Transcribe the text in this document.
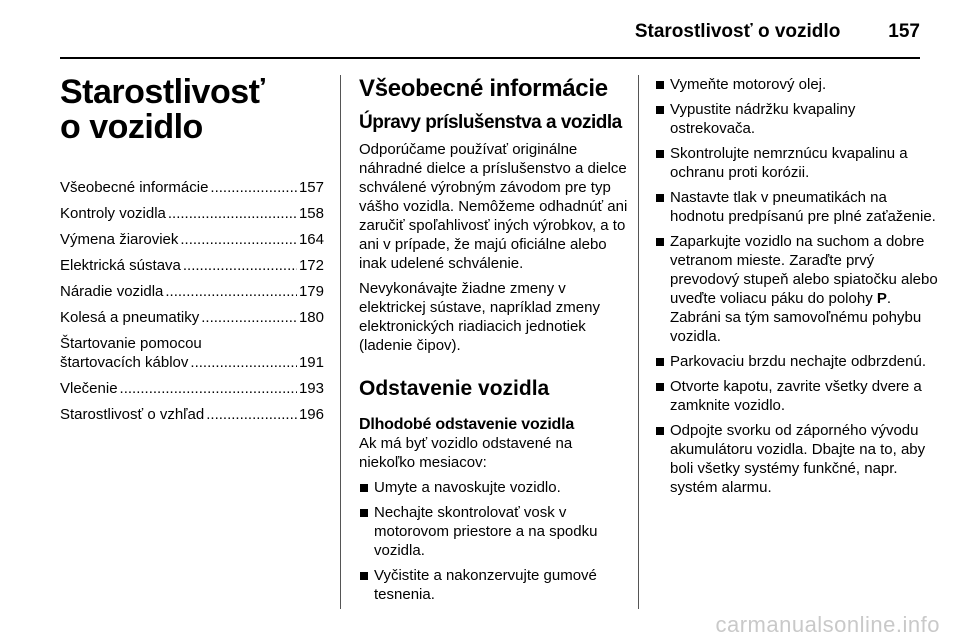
Starostlivosť o vozidlo	157
Starostlivosť
o vozidlo
Všeobecné informácie .....	157
Kontroly vozidla .....	158
Výmena žiaroviek .....	164
Elektrická sústava .....	172
Náradie vozidla .....	179
Kolesá a pneumatiky .....	180
Štartovanie pomocou
štartovacích káblov .....	191
Vlečenie .....	193
Starostlivosť o vzhľad .....	196
Všeobecné informácie
Úpravy príslušenstva a vozidla

Odporúčame používať originálne náhradné dielce a príslušenstvo a dielce schválené výrobným závodom pre typ vášho vozidla. Nemôžeme odhadnúť ani zaručiť spoľahlivosť iných výrobkov, a to ani v prípade, že majú oficiálne alebo inak udelené schválenie.

Nevykonávajte žiadne zmeny v elektrickej sústave, napríklad zmeny elektronických riadiacich jednotiek (ladenie čipov).

Odstavenie vozidla
Dlhodobé odstavenie vozidla

Ak má byť vozidlo odstavené na niekoľko mesiacov:

Umyte a navoskujte vozidlo.
Nechajte skontrolovať vosk v motorovom priestore a na spodku vozidla.
Vyčistite a nakonzervujte gumové tesnenia.
Vymeňte motorový olej.
Vypustite nádržku kvapaliny ostrekovača.
Skontrolujte nemrznúcu kvapalinu a ochranu proti korózii.
Nastavte tlak v pneumatikách na hodnotu predpísanú pre plné zaťaženie.
Zaparkujte vozidlo na suchom a dobre vetranom mieste. Zaraďte prvý prevodový stupeň alebo spiatočku alebo uveďte voliacu páku do polohy P. Zabráni sa tým samovoľnému pohybu vozidla.
Parkovaciu brzdu nechajte odbrzdenú.
Otvorte kapotu, zavrite všetky dvere a zamknite vozidlo.
Odpojte svorku od záporného vývodu akumulátoru vozidla. Dbajte na to, aby boli všetky systémy funkčné, napr. systém alarmu.
carmanualsonline.info
